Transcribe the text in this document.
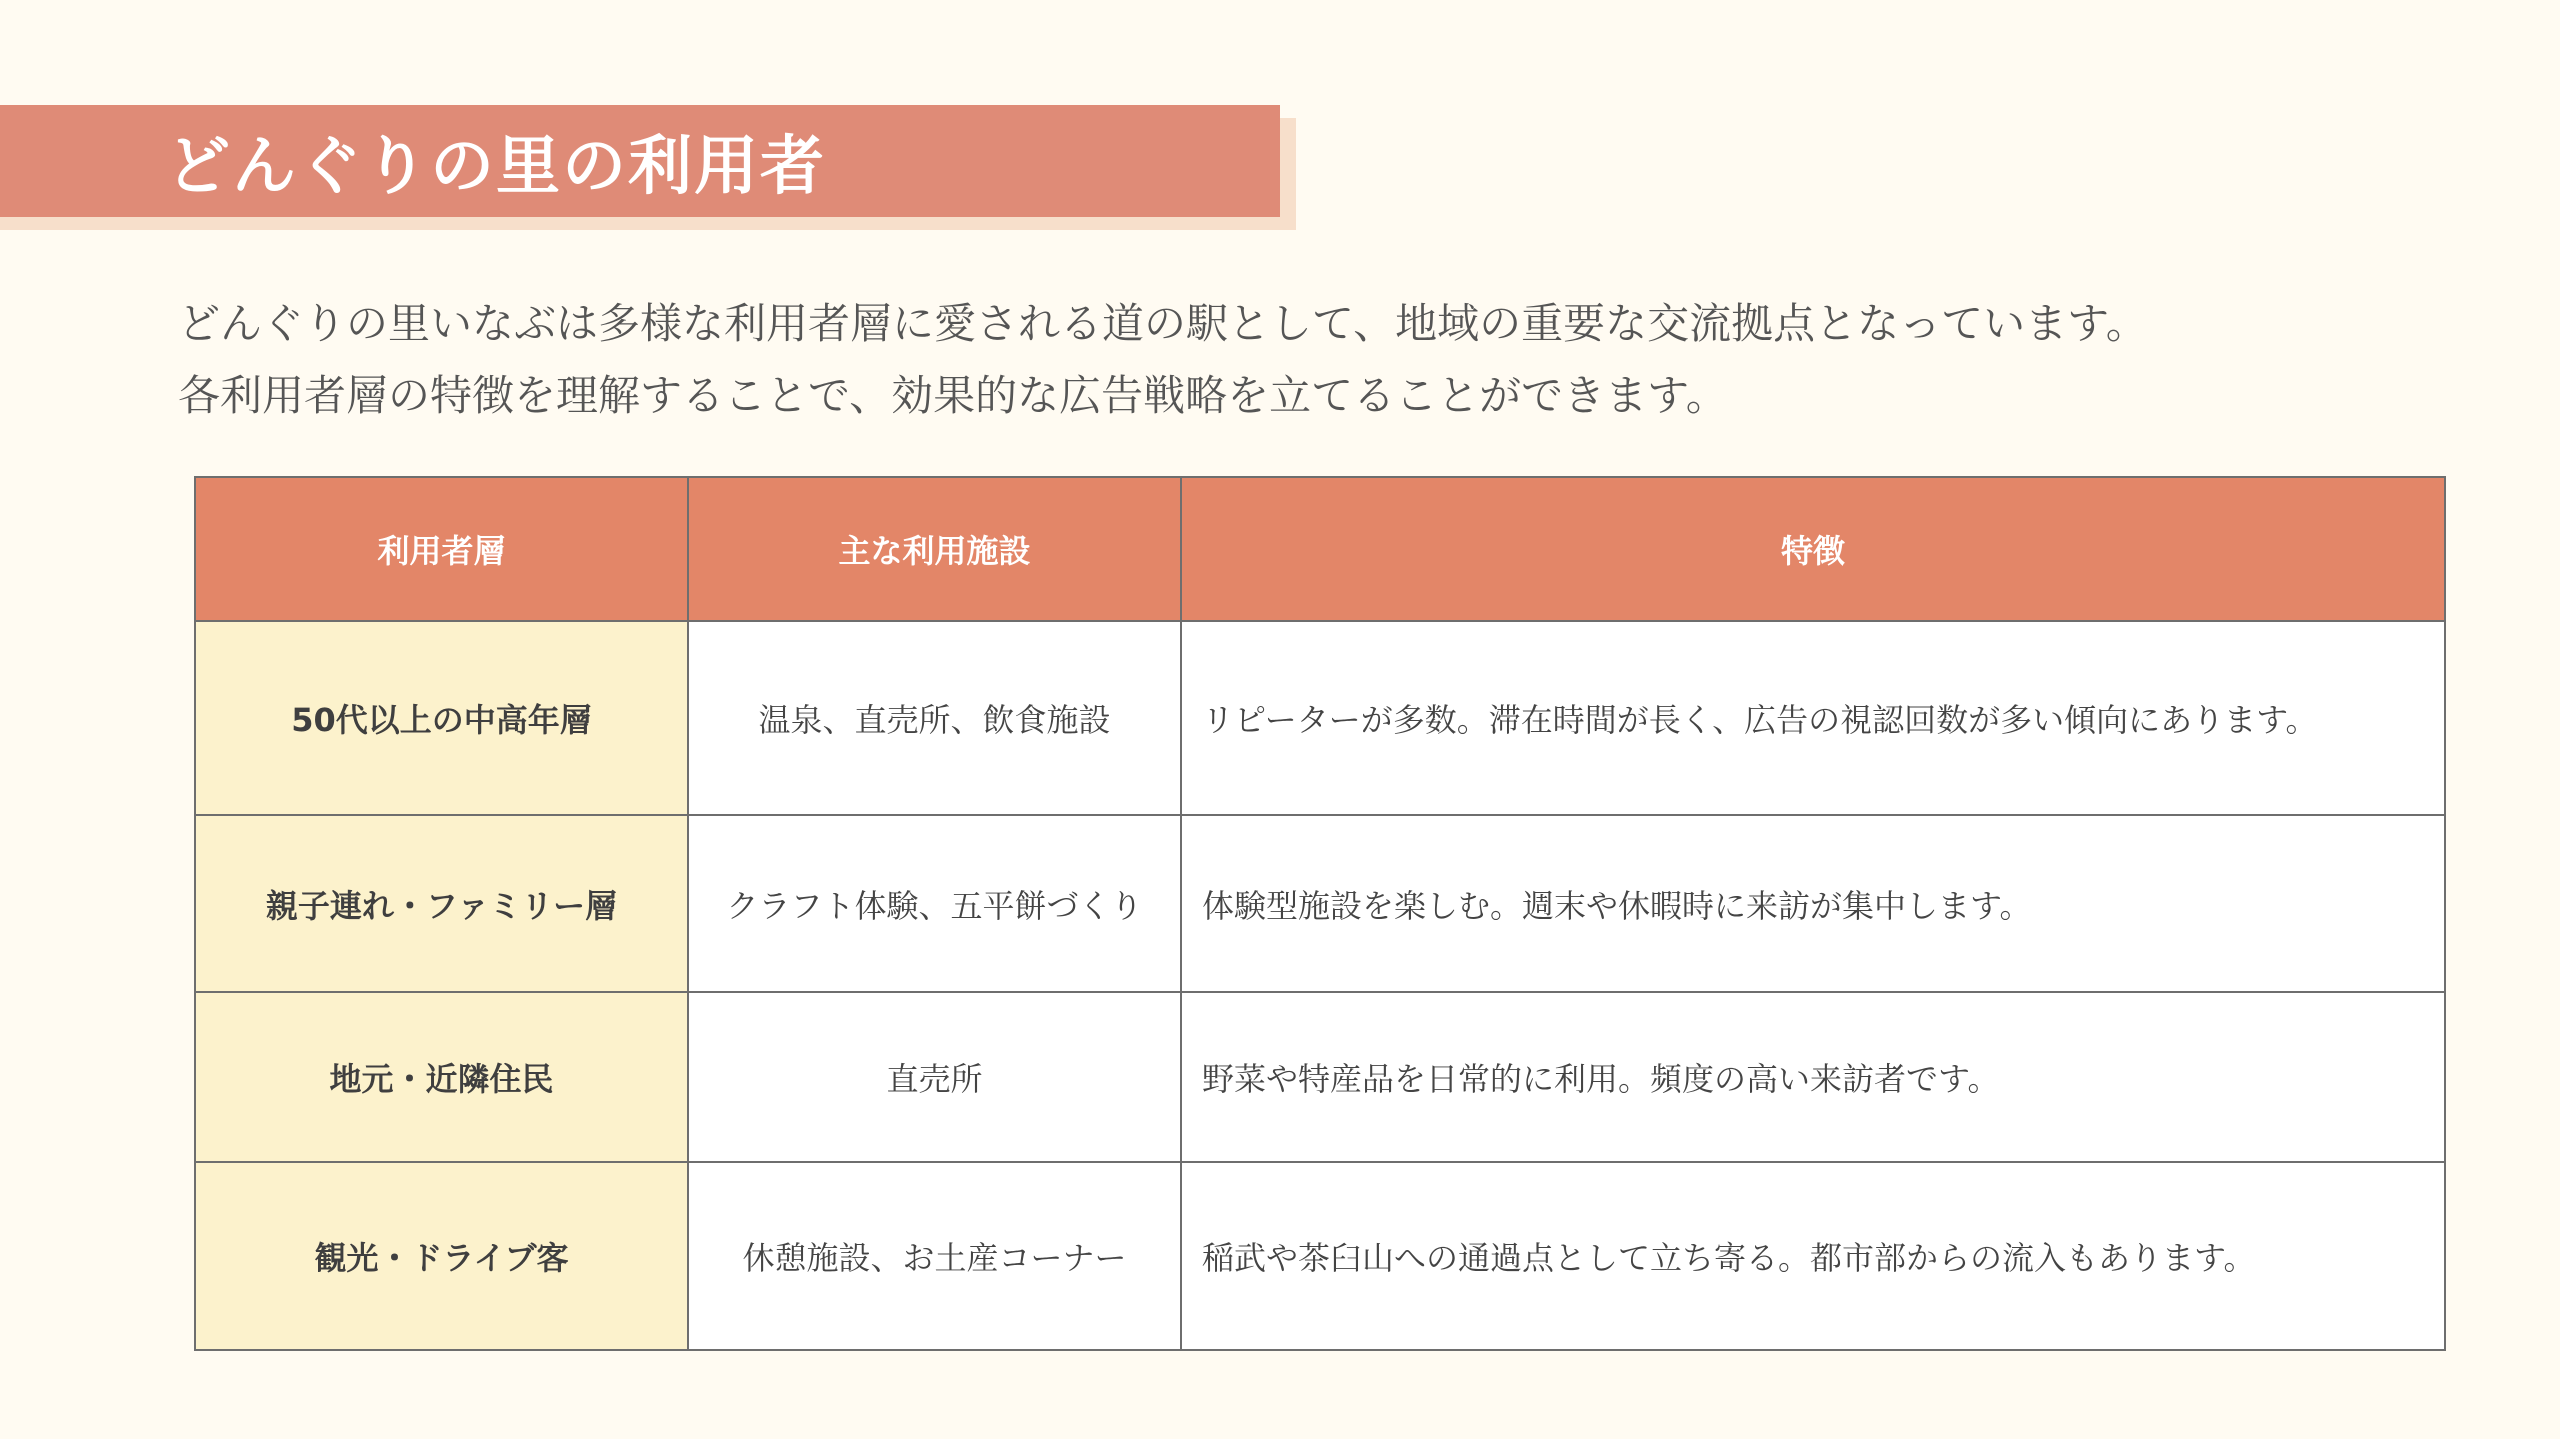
どんぐりの里の利用者

どんぐりの里いなぶは多様な利用者層に愛される道の駅として、地域の重要な交流拠点となっています。

各利用者層の特徴を理解することで、効果的な広告戦略を立てることができます。

利用者層	主な利用施設	特徴
50代以上の中高年層	温泉、直売所、飲食施設	リピーターが多数。滞在時間が長く、広告の視認回数が多い傾向にあります。
親子連れ・ファミリー層	クラフト体験、五平餅づくり	体験型施設を楽しむ。週末や休暇時に来訪が集中します。
地元・近隣住民	直売所	野菜や特産品を日常的に利用。頻度の高い来訪者です。
観光・ドライブ客	休憩施設、お土産コーナー	稲武や茶臼山への通過点として立ち寄る。都市部からの流入もあります。
